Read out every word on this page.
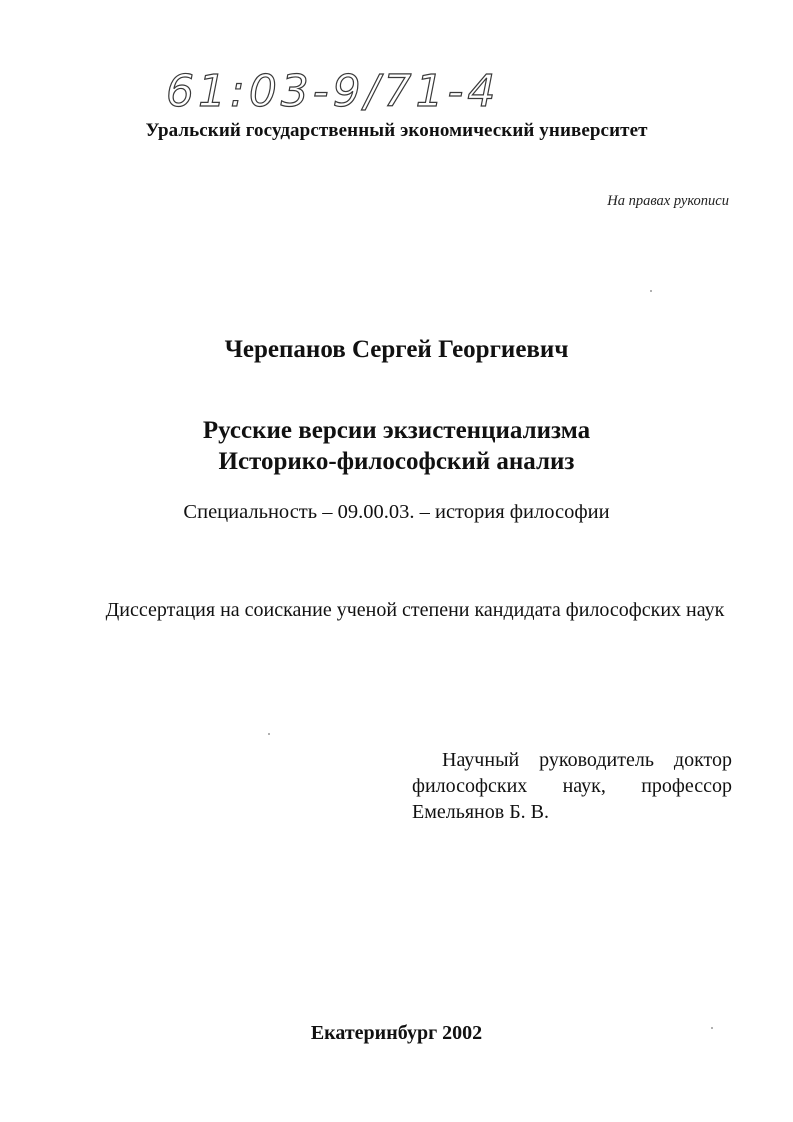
61:03-9/71-4
Уральский государственный экономический университет
На правах рукописи
Черепанов Сергей Георгиевич
Русские версии экзистенциализма
Историко-философский анализ
Специальность – 09.00.03. – история философии
Диссертация на соискание ученой степени кандидата философских наук
Научный руководитель доктор философских наук, профессор Емельянов Б. В.
Екатеринбург 2002
